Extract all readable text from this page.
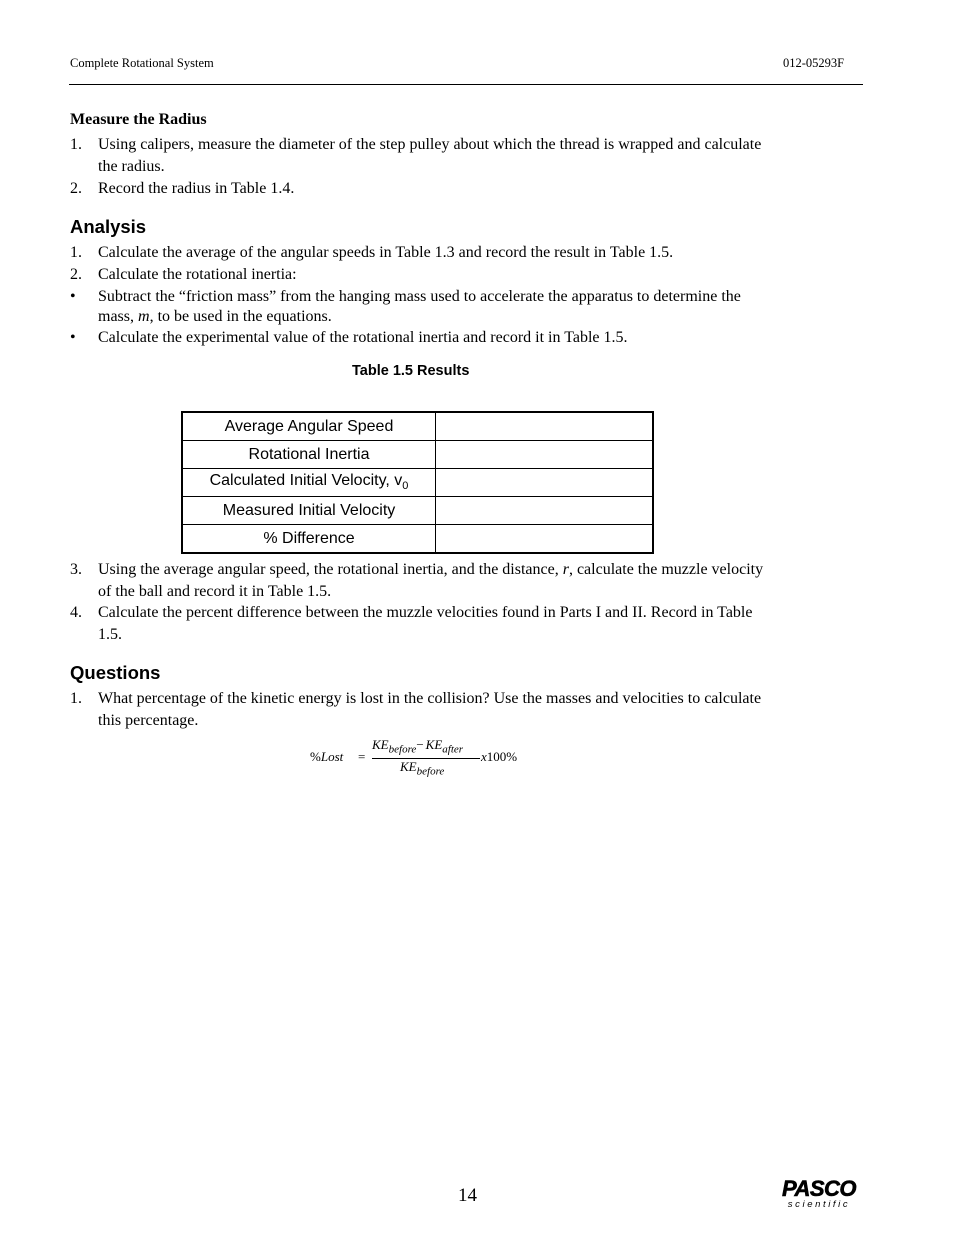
Complete Rotational System	012-05293F
Measure the Radius
1. Using calipers, measure the diameter of the step pulley about which the thread is wrapped and calculate the radius.
2. Record the radius in Table 1.4.
Analysis
1. Calculate the average of the angular speeds in Table 1.3 and record the result in Table 1.5.
2. Calculate the rotational inertia:
• Subtract the “friction mass” from the hanging mass used to accelerate the apparatus to determine the mass, m, to be used in the equations.
• Calculate the experimental value of the rotational inertia and record it in Table 1.5.
Table 1.5 Results
Average Angular Speed	
Rotational Inertia	
Calculated Initial Velocity, $v_0$	
Measured Initial Velocity	
% Difference	
3. Using the average angular speed, the rotational inertia, and the distance, r, calculate the muzzle velocity of the ball and record it in Table 1.5.
4. Calculate the percent difference between the muzzle velocities found in Parts I and II. Record in Table 1.5.
Questions
1. What percentage of the kinetic energy is lost in the collision? Use the masses and velocities to calculate this percentage.
%Lost =
$KE_{before}- KE_{after}$
$KE_{before}$
x100%
14	PASCO
scientific
